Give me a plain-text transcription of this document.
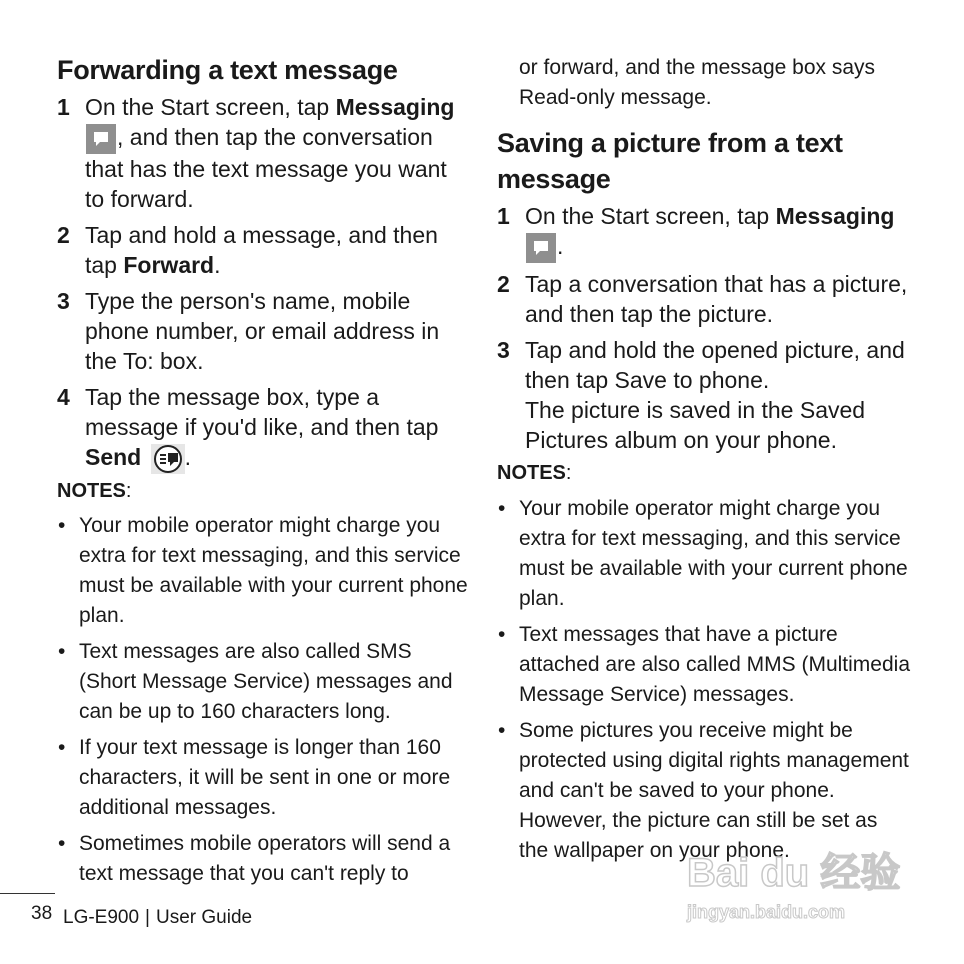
Forwarding a text message
1 On the Start screen, tap Messaging
, and then tap the conversation that has the text message you want to forward.
2 Tap and hold a message, and then tap Forward.
3 Type the person's name, mobile phone number, or email address in the To: box.
4 Tap the message box, type a message if you'd like, and then tap Send .
NOTES:
• Your mobile operator might charge you extra for text messaging, and this service must be available with your current phone plan.
• Text messages are also called SMS (Short Message Service) messages and can be up to 160 characters long.
• If your text message is longer than 160 characters, it will be sent in one or more additional messages.
• Sometimes mobile operators will send a text message that you can't reply to
or forward, and the message box says Read-only message.
Saving a picture from a text message
1 On the Start screen, tap Messaging
.
2 Tap a conversation that has a picture, and then tap the picture.
3 Tap and hold the opened picture, and then tap Save to phone.
The picture is saved in the Saved Pictures album on your phone.
NOTES:
• Your mobile operator might charge you extra for text messaging, and this service must be available with your current phone plan.
• Text messages that have a picture attached are also called MMS (Multimedia Message Service) messages.
• Some pictures you receive might be protected using digital rights management and can't be saved to your phone. However, the picture can still be set as the wallpaper on your phone.
38 LG-E900 | User Guide
Bai du 经验
jingyan.baidu.com
